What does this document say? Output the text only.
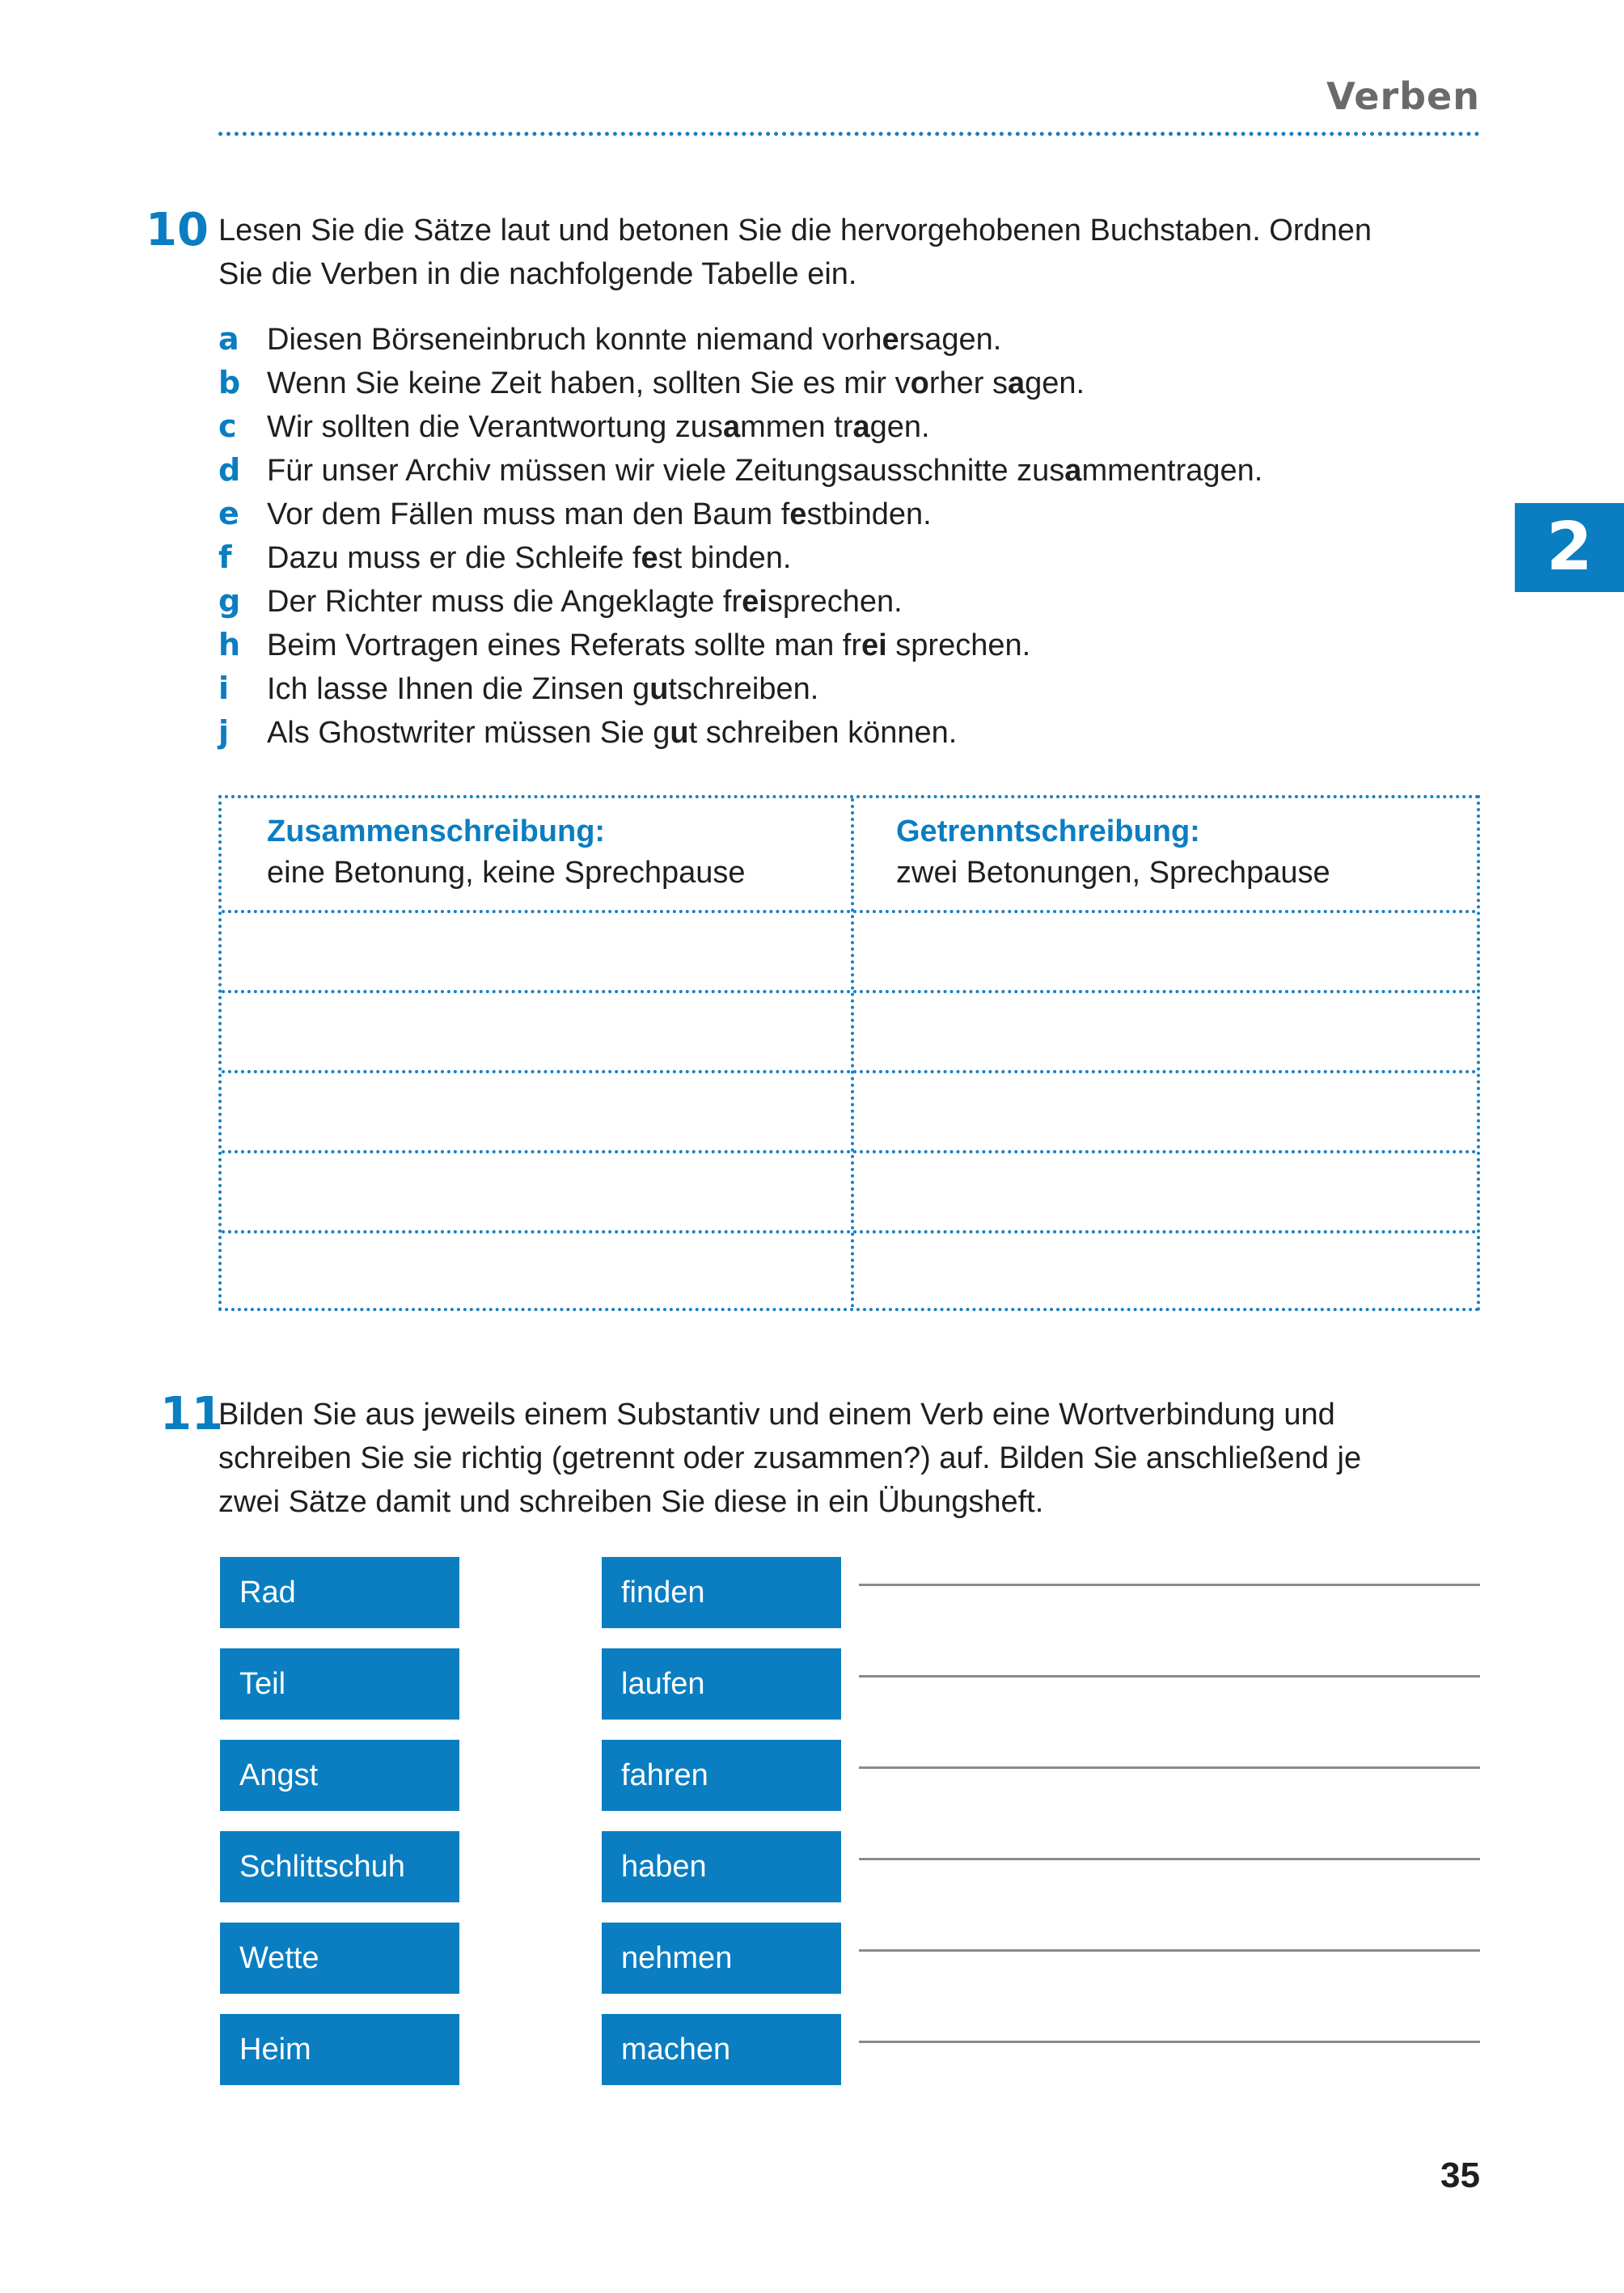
Verben
2
10 Lesen Sie die Sätze laut und betonen Sie die hervorgehobenen Buchstaben. Ordnen
Sie die Verben in die nachfolgende Tabelle ein.
a Diesen Börseneinbruch konnte niemand vorhersagen.
b Wenn Sie keine Zeit haben, sollten Sie es mir vorher sagen.
c Wir sollten die Verantwortung zusammen tragen.
d Für unser Archiv müssen wir viele Zeitungsausschnitte zusammentragen.
e Vor dem Fällen muss man den Baum festbinden.
f Dazu muss er die Schleife fest binden.
g Der Richter muss die Angeklagte freisprechen.
h Beim Vortragen eines Referats sollte man frei sprechen.
i Ich lasse Ihnen die Zinsen gutschreiben.
j Als Ghostwriter müssen Sie gut schreiben können.
Zusammenschreibung:
eine Betonung, keine Sprechpause
Getrenntschreibung:
zwei Betonungen, Sprechpause
11
Bilden Sie aus jeweils einem Substantiv und einem Verb eine Wortverbindung und
schreiben Sie sie richtig (getrennt oder zusammen?) auf. Bilden Sie anschließend je
zwei Sätze damit und schreiben Sie diese in ein Übungsheft.
Rad
Teil
Angst
Schlittschuh
Wette
Heim
finden
laufen
fahren
haben
nehmen
machen
35
